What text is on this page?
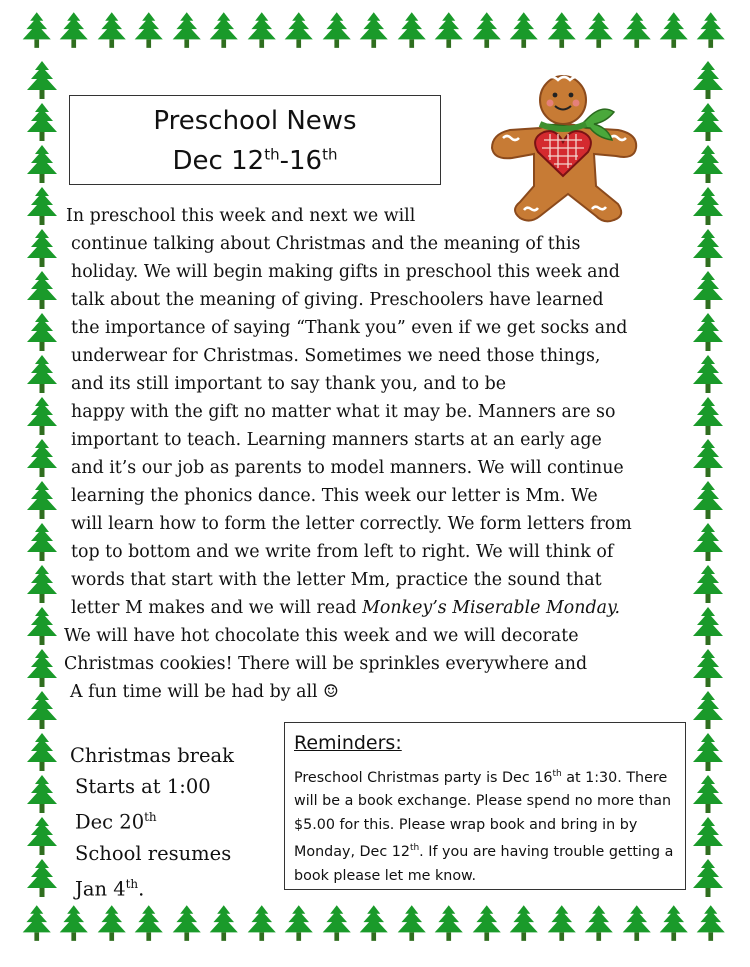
Preschool News
Dec 12th-16th
In preschool this week and next we will
continue talking about Christmas and the meaning of this
holiday. We will begin making gifts in preschool this week and
talk about the meaning of giving. Preschoolers have learned
the importance of saying “Thank you” even if we get socks and
underwear for Christmas. Sometimes we need those things,
and its still important to say thank you, and to be
happy with the gift no matter what it may be. Manners are so
important to teach. Learning manners starts at an early age
and it’s our job as parents to model manners. We will continue
learning the phonics dance. This week our letter is Mm. We
will learn how to form the letter correctly. We form letters from
top to bottom and we write from left to right. We will think of
words that start with the letter Mm, practice the sound that
letter M makes and we will read Monkey’s Miserable Monday.
We will have hot chocolate this week and we will decorate
Christmas cookies! There will be sprinkles everywhere and
A fun time will be had by all ☺
Christmas break
Starts at 1:00
Dec 20th
School resumes
Jan 4th.
Reminders:

Preschool Christmas party is Dec 16th at 1:30. There will be a book exchange. Please spend no more than $5.00 for this. Please wrap book and bring in by Monday, Dec 12th. If you are having trouble getting a book please let me know.
